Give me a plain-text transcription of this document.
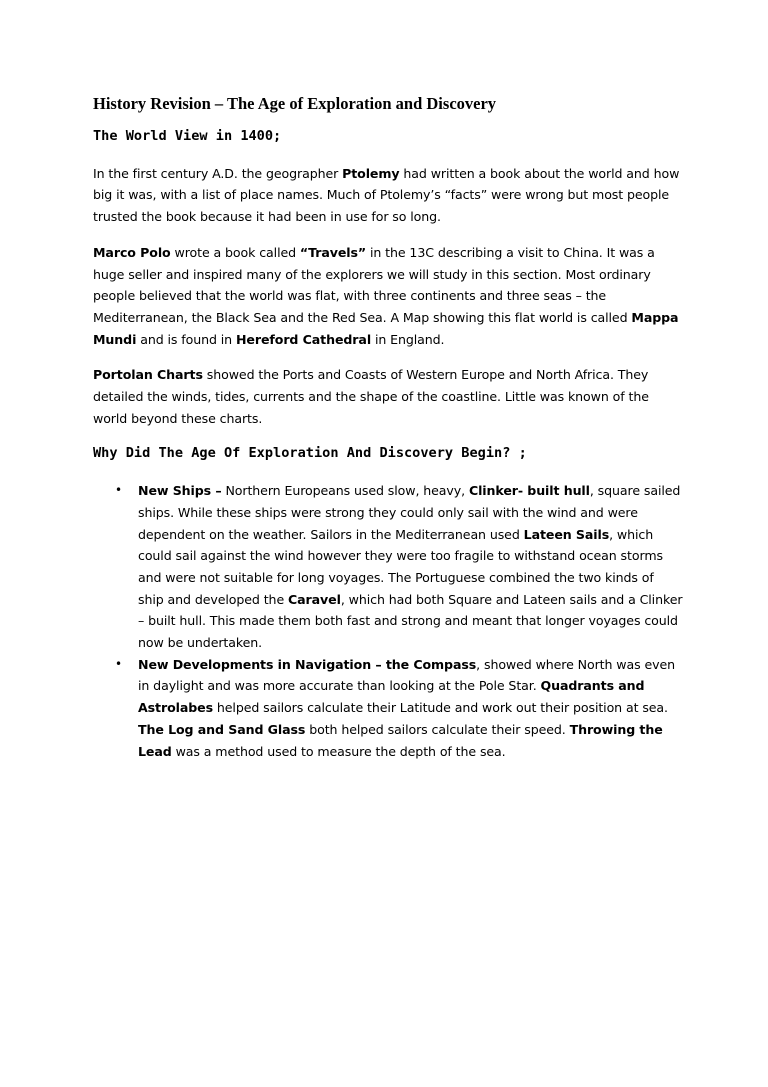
History Revision – The Age of Exploration and Discovery
The World View in 1400;

In the first century A.D. the geographer Ptolemy had written a book about the world and how big it was, with a list of place names. Much of Ptolemy’s “facts” were wrong but most people trusted the book because it had been in use for so long.

Marco Polo wrote a book called “Travels” in the 13C describing a visit to China. It was a huge seller and inspired many of the explorers we will study in this section. Most ordinary people believed that the world was flat, with three continents and three seas – the Mediterranean, the Black Sea and the Red Sea. A Map showing this flat world is called Mappa Mundi and is found in Hereford Cathedral in England.

Portolan Charts showed the Ports and Coasts of Western Europe and North Africa. They detailed the winds, tides, currents and the shape of the coastline. Little was known of the world beyond these charts.

Why Did The Age Of Exploration And Discovery Begin? ;
• New Ships – Northern Europeans used slow, heavy, Clinker- built hull, square sailed ships. While these ships were strong they could only sail with the wind and were dependent on the weather. Sailors in the Mediterranean used Lateen Sails, which could sail against the wind however they were too fragile to withstand ocean storms and were not suitable for long voyages. The Portuguese combined the two kinds of ship and developed the Caravel, which had both Square and Lateen sails and a Clinker – built hull. This made them both fast and strong and meant that longer voyages could now be undertaken.
• New Developments in Navigation – the Compass, showed where North was even in daylight and was more accurate than looking at the Pole Star. Quadrants and Astrolabes helped sailors calculate their Latitude and work out their position at sea. The Log and Sand Glass both helped sailors calculate their speed. Throwing the Lead was a method used to measure the depth of the sea.
